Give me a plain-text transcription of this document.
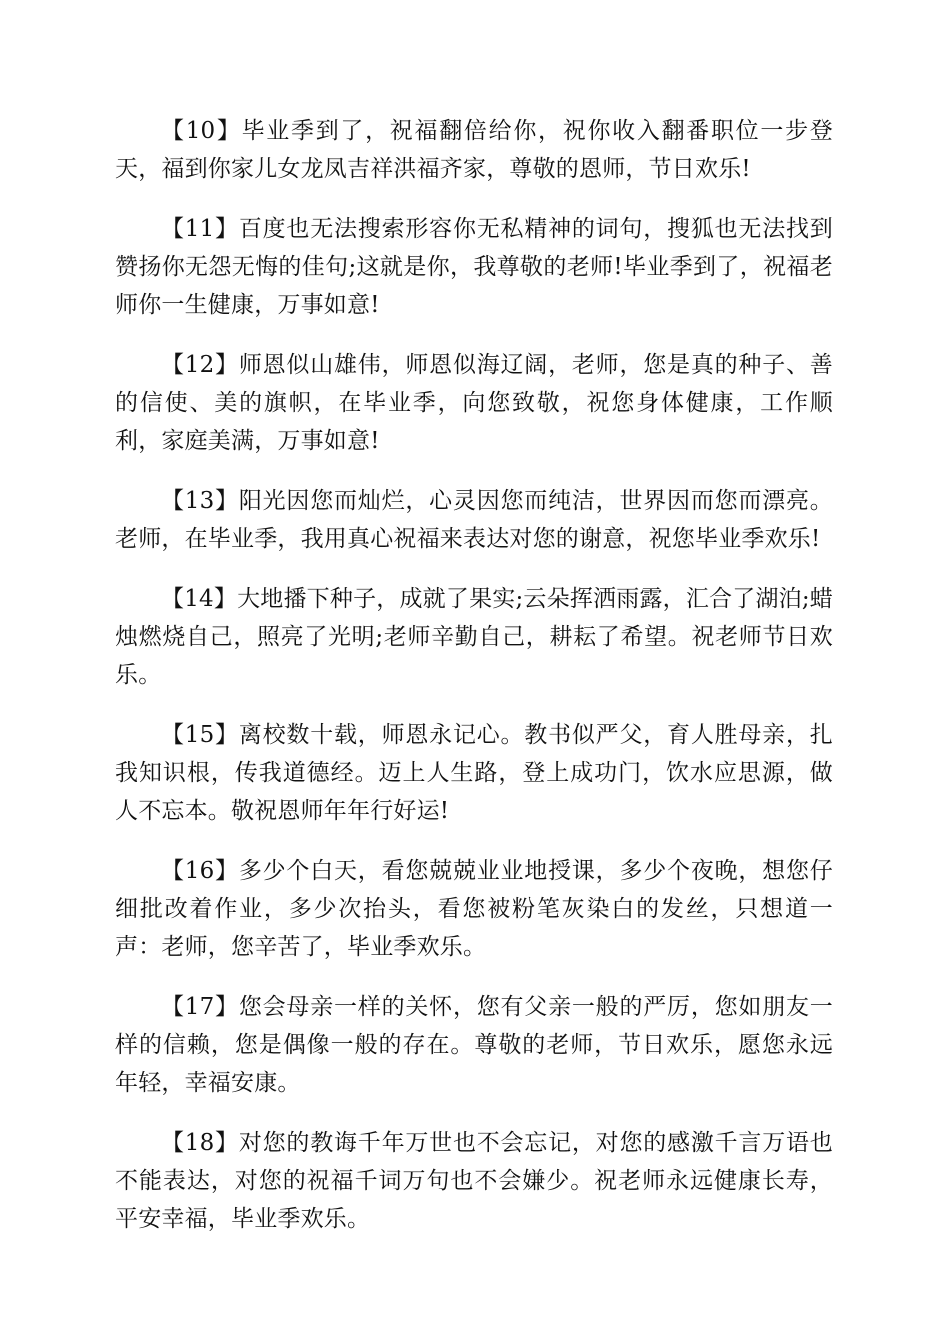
【10】毕业季到了，祝福翻倍给你，祝你收入翻番职位一步登天，福到你家儿女龙凤吉祥洪福齐家，尊敬的恩师，节日欢乐!

【11】百度也无法搜索形容你无私精神的词句，搜狐也无法找到赞扬你无怨无悔的佳句;这就是你，我尊敬的老师!毕业季到了，祝福老师你一生健康，万事如意!

【12】师恩似山雄伟，师恩似海辽阔，老师，您是真的种子、善的信使、美的旗帜，在毕业季，向您致敬，祝您身体健康，工作顺利，家庭美满，万事如意!

【13】阳光因您而灿烂，心灵因您而纯洁，世界因而您而漂亮。老师，在毕业季，我用真心祝福来表达对您的谢意，祝您毕业季欢乐!

【14】大地播下种子，成就了果实;云朵挥洒雨露，汇合了湖泊;蜡烛燃烧自己，照亮了光明;老师辛勤自己，耕耘了希望。祝老师节日欢乐。

【15】离校数十载，师恩永记心。教书似严父，育人胜母亲，扎我知识根，传我道德经。迈上人生路，登上成功门，饮水应思源，做人不忘本。敬祝恩师年年行好运!

【16】多少个白天，看您兢兢业业地授课，多少个夜晚，想您仔细批改着作业，多少次抬头，看您被粉笔灰染白的发丝，只想道一声：老师，您辛苦了，毕业季欢乐。

【17】您会母亲一样的关怀，您有父亲一般的严厉，您如朋友一样的信赖，您是偶像一般的存在。尊敬的老师，节日欢乐，愿您永远年轻，幸福安康。

【18】对您的教诲千年万世也不会忘记，对您的感激千言万语也不能表达，对您的祝福千词万句也不会嫌少。祝老师永远健康长寿，平安幸福，毕业季欢乐。
